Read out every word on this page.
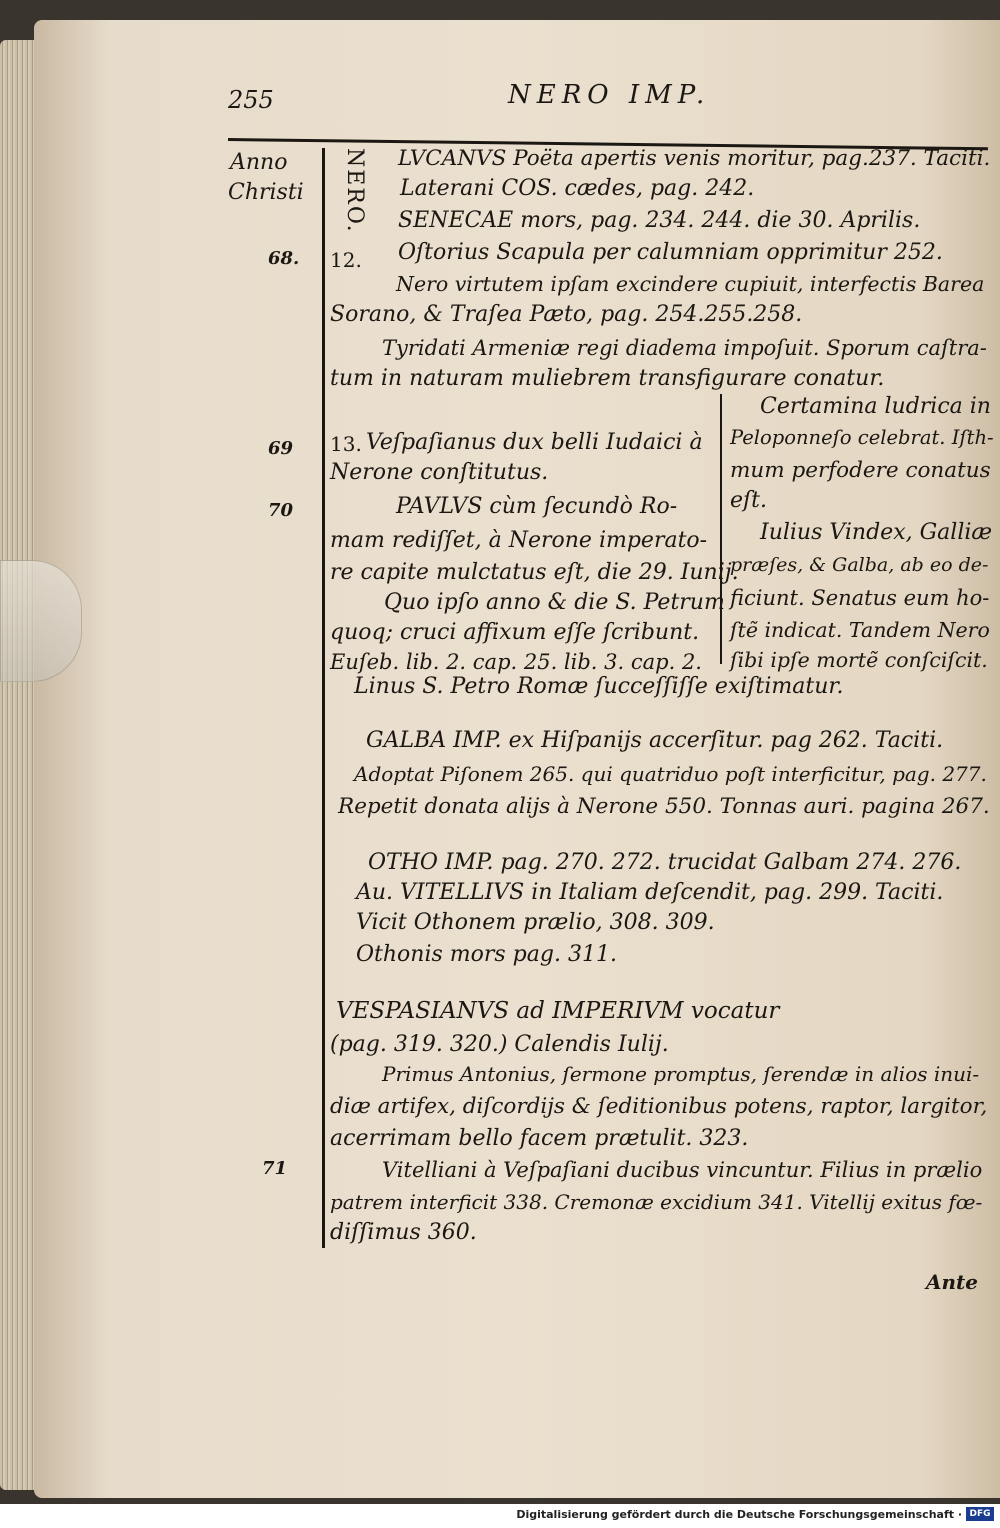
255	NERO IMP.
Anno
Christi
68.
69
70
71
NERO.
12.
13.
LVCANVS Poëta apertis venis moritur, pag.237. Taciti.
Laterani COS. cædes, pag. 242.
SENECAE mors, pag. 234. 244. die 30. Aprilis.
Oſtorius Scapula per calumniam opprimitur 252.
Nero virtutem ipſam excindere cupiuit, interfectis Barea
Sorano, & Traſea Pæto, pag. 254.255.258.
Tyridati Armeniæ regi diadema impoſuit. Sporum caſtra-
tum in naturam muliebrem transfigurare conatur.
Veſpaſianus dux belli Iudaici à
Nerone conſtitutus.
PAVLVS cùm ſecundò Ro-
mam rediſſet, à Nerone imperato-
re capite mulctatus eſt, die 29. Iunij.
Quo ipſo anno & die S. Petrum
quoq; cruci affixum eſſe ſcribunt.
Euſeb. lib. 2. cap. 25. lib. 3. cap. 2.
Certamina ludrica in
Peloponneſo celebrat. Iſth-
mum perfodere conatus
eſt.
Iulius Vindex, Galliæ
præſes, & Galba, ab eo de-
ficiunt. Senatus eum ho-
ſtẽ indicat. Tandem Nero
ſibi ipſe mortẽ conſciſcit.
Linus S. Petro Romæ ſucceſſiſſe exiſtimatur.
GALBA IMP. ex Hiſpanijs accerſitur. pag 262. Taciti.
Adoptat Piſonem 265. qui quatriduo poſt interficitur, pag. 277.
Repetit donata alijs à Nerone 550. Tonnas auri. pagina 267.
OTHO IMP. pag. 270. 272. trucidat Galbam 274. 276.
Au. VITELLIVS in Italiam deſcendit, pag. 299. Taciti.
Vicit Othonem prælio, 308. 309.
Othonis mors pag. 311.
VESPASIANVS ad IMPERIVM vocatur
(pag. 319. 320.) Calendis Iulij.
Primus Antonius, ſermone promptus, ſerendæ in alios inui-
diæ artifex, diſcordijs & ſeditionibus potens, raptor, largitor,
acerrimam bello facem prætulit. 323.
Vitelliani à Veſpaſiani ducibus vincuntur. Filius in prælio
patrem interficit 338. Cremonæ excidium 341. Vitellij exitus fœ-
diſſimus 360.
Ante
Digitalisierung gefördert durch die Deutsche Forschungsgemeinschaft · DFG
